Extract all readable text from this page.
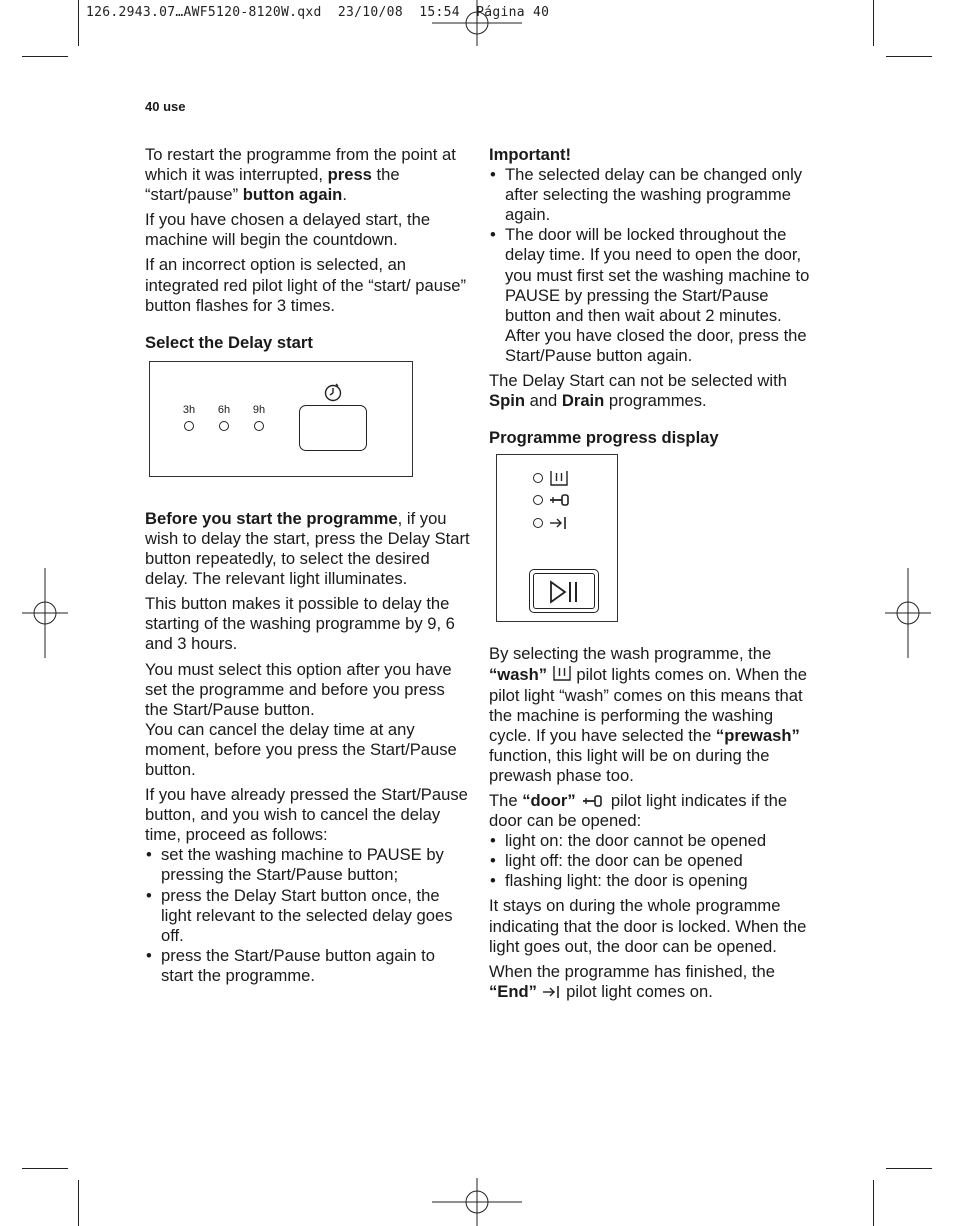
126.2943.07…AWF5120-8120W.qxd  23/10/08  15:54  Página 40
40 use

To restart the programme from the point at which it was interrupted, press the “start/pause” button again.

If you have chosen a delayed start, the machine will begin the countdown.

If an incorrect option is selected, an integrated red pilot light of the “start/ pause” button flashes for 3 times.

Select the Delay start
3h	6h	9h

Before you start the programme, if you wish to delay the start, press the Delay Start button repeatedly, to select the desired delay. The relevant light illuminates.

This button makes it possible to delay the starting of the washing programme by 9, 6 and 3 hours.

You must select this option after you have set the programme and before you press the Start/Pause button.

You can cancel the delay time at any moment, before you press the Start/Pause button.

If you have already pressed the Start/Pause button, and you wish to cancel the delay time, proceed as follows:

• set the washing machine to PAUSE by pressing the Start/Pause button;
• press the Delay Start button once, the light relevant to the selected delay goes off.
• press the Start/Pause button again to start the programme.
Important!
• The selected delay can be changed only after selecting the washing programme again.
• The door will be locked throughout the delay time. If you need to open the door, you must first set the washing machine to PAUSE by pressing the Start/Pause button and then wait about 2 minutes. After you have closed the door, press the Start/Pause button again.

The Delay Start can not be selected with Spin and Drain programmes.

Programme progress display

By selecting the wash programme, the “wash”  pilot lights comes on. When the pilot light “wash” comes on this means that the machine is performing the washing cycle. If you have selected the “prewash” function, this light will be on during the prewash phase too.

The “door”  pilot light indicates if the door can be opened:

• light on: the door cannot be opened
• light off: the door can be opened
• flashing light: the door is opening

It stays on during the whole programme indicating that the door is locked. When the light goes out, the door can be opened.

When the programme has finished, the “End”  pilot light comes on.
